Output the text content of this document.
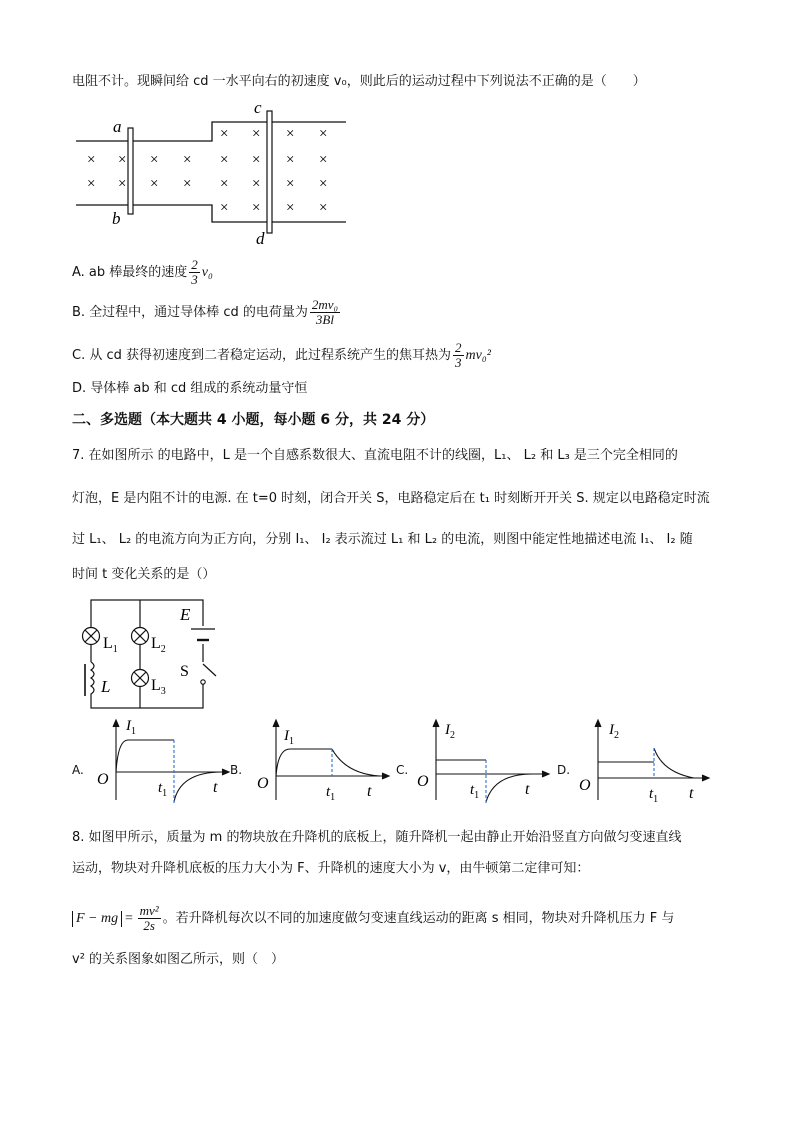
电阻不计。现瞬间给 cd 一水平向右的初速度 v₀，则此后的运动过程中下列说法不正确的是（　　）
a
b
c
d
× × × ×
× × × ×
× × × ×
× × × ×
× × × ×
× × × ×
A. ab 棒最终的速度 $\frac{2}{3} v_0$
B. 全过程中，通过导体棒 cd 的电荷量为 $\frac{\text{2mv₀}}{3Bl}$
C. 从 cd 获得初速度到二者稳定运动，此过程系统产生的焦耳热为 $\frac{2}{3} mv_0^2$
D. 导体棒 ab 和 cd 组成的系统动量守恒
二、多选题（本大题共 4 小题，每小题 6 分，共 24 分）
7. 在如图所示 的电路中，L 是一个自感系数很大、直流电阻不计的线圈，L₁、 L₂ 和 L₃ 是三个完全相同的
灯泡，E 是内阻不计的电源. 在 t=0 时刻，闭合开关 S，电路稳定后在 t₁ 时刻断开开关 S. 规定以电路稳定时流
过 L₁、 L₂ 的电流方向为正方向，分别 I₁、 I₂ 表示流过 L₁ 和 L₂ 的电流，则图中能定性地描述电流 I₁、 I₂ 随
时间 t 变化关系的是（）
$L_1$ $L_2$
$L_3$
L
E
S
A.
$I_1$
O	$t_1$	t
B.
$I_1$
O	$t_1$ t
C.
$I_2$
O	$t_1$	t
D.
$I_2$
O	$t_1$ t
8. 如图甲所示，质量为 m 的物块放在升降机的底板上，随升降机一起由静止开始沿竖直方向做匀变速直线
运动，物块对升降机底板的压力大小为 F、升降机的速度大小为 v，由牛顿第二定律可知：
F − mg = $\frac{\text{mv²}}{2s}$ 。若升降机每次以不同的加速度做匀变速直线运动的距离 s 相同，物块对升降机压力 F 与
v² 的关系图象如图乙所示，则（　）
